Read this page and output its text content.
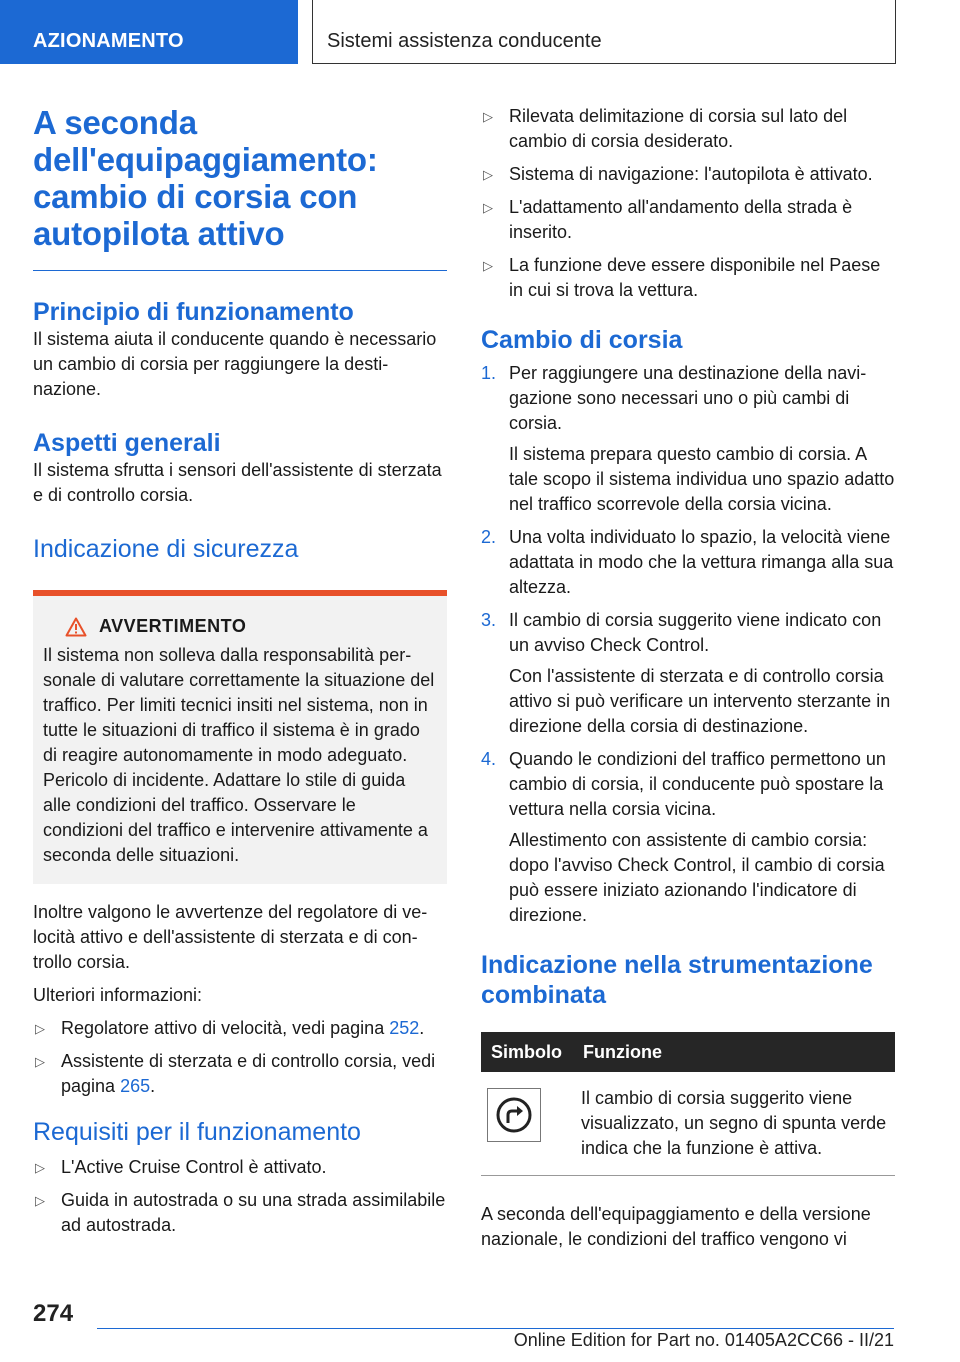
AZIONAMENTO	Sistemi assistenza conducente
A seconda dell'equipaggiamento: cambio di corsia con autopilota attivo
Principio di funzionamento

Il sistema aiuta il conducente quando è necessario un cambio di corsia per raggiungere la destinazione.

Aspetti generali

Il sistema sfrutta i sensori dell'assistente di sterzata e di controllo corsia.

Indicazione di sicurezza
AVVERTIMENTO

Il sistema non solleva dalla responsabilità personale di valutare correttamente la situazione del traffico. Per limiti tecnici insiti nel sistema, non in tutte le situazioni di traffico il sistema è in grado di reagire autonomamente in modo adeguato. Pericolo di incidente. Adattare lo stile di guida alle condizioni del traffico. Osservare le condizioni del traffico e intervenire attivamente a seconda delle situazioni.

Inoltre valgono le avvertenze del regolatore di velocità attivo e dell'assistente di sterzata e di controllo corsia.

Ulteriori informazioni:

▷ Regolatore attivo di velocità, vedi pagina 252.
▷ Assistente di sterzata e di controllo corsia, vedi pagina 265.
Requisiti per il funzionamento
▷ L'Active Cruise Control è attivato.
▷ Guida in autostrada o su una strada assimilabile ad autostrada.
▷ Rilevata delimitazione di corsia sul lato del cambio di corsia desiderato.
▷ Sistema di navigazione: l'autopilota è attivato.
▷ L'adattamento all'andamento della strada è inserito.
▷ La funzione deve essere disponibile nel Paese in cui si trova la vettura.
Cambio di corsia
1. Per raggiungere una destinazione della navigazione sono necessari uno o più cambi di corsia.

Il sistema prepara questo cambio di corsia. A tale scopo il sistema individua uno spazio adatto nel traffico scorrevole della corsia vicina.

2. Una volta individuato lo spazio, la velocità viene adattata in modo che la vettura rimanga alla sua altezza.

3. Il cambio di corsia suggerito viene indicato con un avviso Check Control.

Con l'assistente di sterzata e di controllo corsia attivo si può verificare un intervento sterzante in direzione della corsia di destinazione.

4. Quando le condizioni del traffico permettono un cambio di corsia, il conducente può spostare la vettura nella corsia vicina.

Allestimento con assistente di cambio corsia: dopo l'avviso Check Control, il cambio di corsia può essere iniziato azionando l'indicatore di direzione.

Indicazione nella strumentazione combinata
Simbolo	Funzione

	Il cambio di corsia suggerito viene visualizzato, un segno di spunta verde indica che la funzione è attiva.

A seconda dell'equipaggiamento e della versione nazionale, le condizioni del traffico vengono vi

274
Online Edition for Part no. 01405A2CC66 - II/21
